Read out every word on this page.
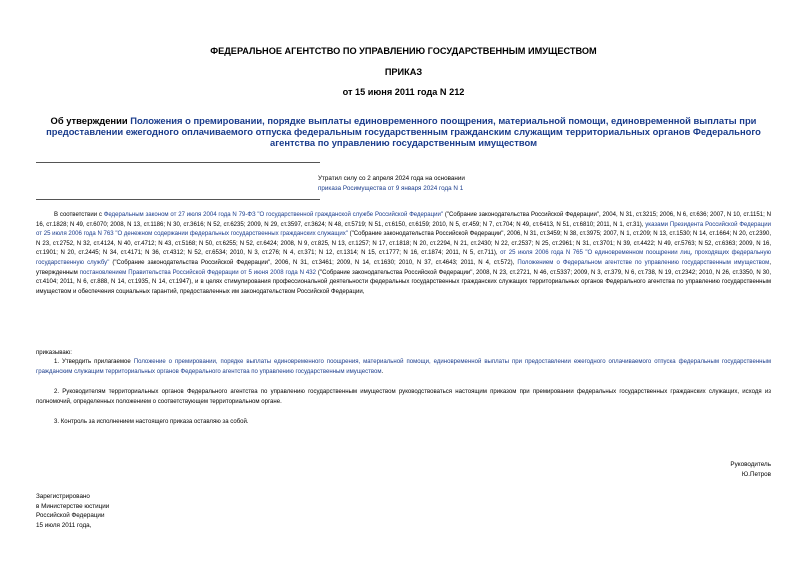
ФЕДЕРАЛЬНОЕ АГЕНТСТВО ПО УПРАВЛЕНИЮ ГОСУДАРСТВЕННЫМ ИМУЩЕСТВОМ
ПРИКАЗ
от 15 июня 2011 года N 212
Об утверждении Положения о премировании, порядке выплаты единовременного поощрения, материальной помощи, единовременной выплаты при предоставлении ежегодного оплачиваемого отпуска федеральным государственным гражданским служащим территориальных органов Федерального агентства по управлению государственным имуществом
Утратил силу со 2 апреля 2024 года на основании
приказа Росимущества от 9 января 2024 года N 1
В соответствии с Федеральным законом от 27 июля 2004 года N 79-ФЗ "О государственной гражданской службе Российской Федерации" ("Собрание законодательства Российской Федерации", 2004, N 31, ст.3215; 2006, N 6, ст.636; 2007, N 10, ст.1151; N 16, ст.1828; N 49, ст.6070; 2008, N 13, ст.1186; N 30, ст.3616; N 52, ст.6235; 2009, N 29, ст.3597, ст.3624; N 48, ст.5719; N 51, ст.6150, ст.6159; 2010, N 5, ст.459; N 7, ст.704; N 49, ст.6413, N 51, ст.6810; 2011, N 1, ст.31), указами Президента Российской Федерации от 25 июля 2006 года N 763 "О денежном содержании федеральных государственных гражданских служащих" ("Собрание законодательства Российской Федерации", 2006, N 31, ст.3459; N 38, ст.3975; 2007, N 1, ст.209; N 13, ст.1530; N 14, ст.1664; N 20, ст.2390, N 23, ст.2752, N 32, ст.4124, N 40, ст.4712; N 43, ст.5168; N 50, ст.6255; N 52, ст.6424; 2008, N 9, ст.825, N 13, ст.1257; N 17, ст.1818; N 20, ст.2294, N 21, ст.2430; N 22, ст.2537; N 25, ст.2961; N 31, ст.3701; N 39, ст.4422; N 49, ст.5763; N 52, ст.6363; 2009, N 16, ст.1901; N 20, ст.2445; N 34, ст.4171; N 36, ст.4312; N 52, ст.6534; 2010, N 3, ст.276; N 4, ст.371; N 12, ст.1314; N 15, ст.1777; N 16, ст.1874; 2011, N 5, ст.711), от 25 июля 2006 года N 765 "О единовременном поощрении лиц, проходящих федеральную государственную службу" ("Собрание законодательства Российской Федерации", 2006, N 31, ст.3461; 2009, N 14, ст.1630; 2010, N 37, ст.4643; 2011, N 4, ст.572), Положением о Федеральном агентстве по управлению государственным имуществом, утвержденным постановлением Правительства Российской Федерации от 5 июня 2008 года N 432 ("Собрание законодательства Российской Федерации", 2008, N 23, ст.2721, N 46, ст.5337; 2009, N 3, ст.379, N 6, ст.738, N 19, ст.2342; 2010, N 26, ст.3350, N 30, ст.4104; 2011, N 6, ст.888, N 14, ст.1935, N 14, ст.1947), и в целях стимулирования профессиональной деятельности федеральных государственных гражданских служащих территориальных органов Федерального агентства по управлению государственным имуществом и обеспечения социальных гарантий, предоставленных им законодательством Российской Федерации,
приказываю:
1. Утвердить прилагаемое Положение о премировании, порядке выплаты единовременного поощрения, материальной помощи, единовременной выплаты при предоставлении ежегодного оплачиваемого отпуска федеральным государственным гражданским служащим территориальных органов Федерального агентства по управлению государственным имуществом.
2. Руководителям территориальных органов Федерального агентства по управлению государственным имуществом руководствоваться настоящим приказом при премировании федеральных государственных гражданских служащих, исходя из полномочий, определенных положением о соответствующем территориальном органе.
3. Контроль за исполнением настоящего приказа оставляю за собой.
Руководитель
Ю.Петров
Зарегистрировано
в Министерстве юстиции
Российской Федерации
15 июля 2011 года,
